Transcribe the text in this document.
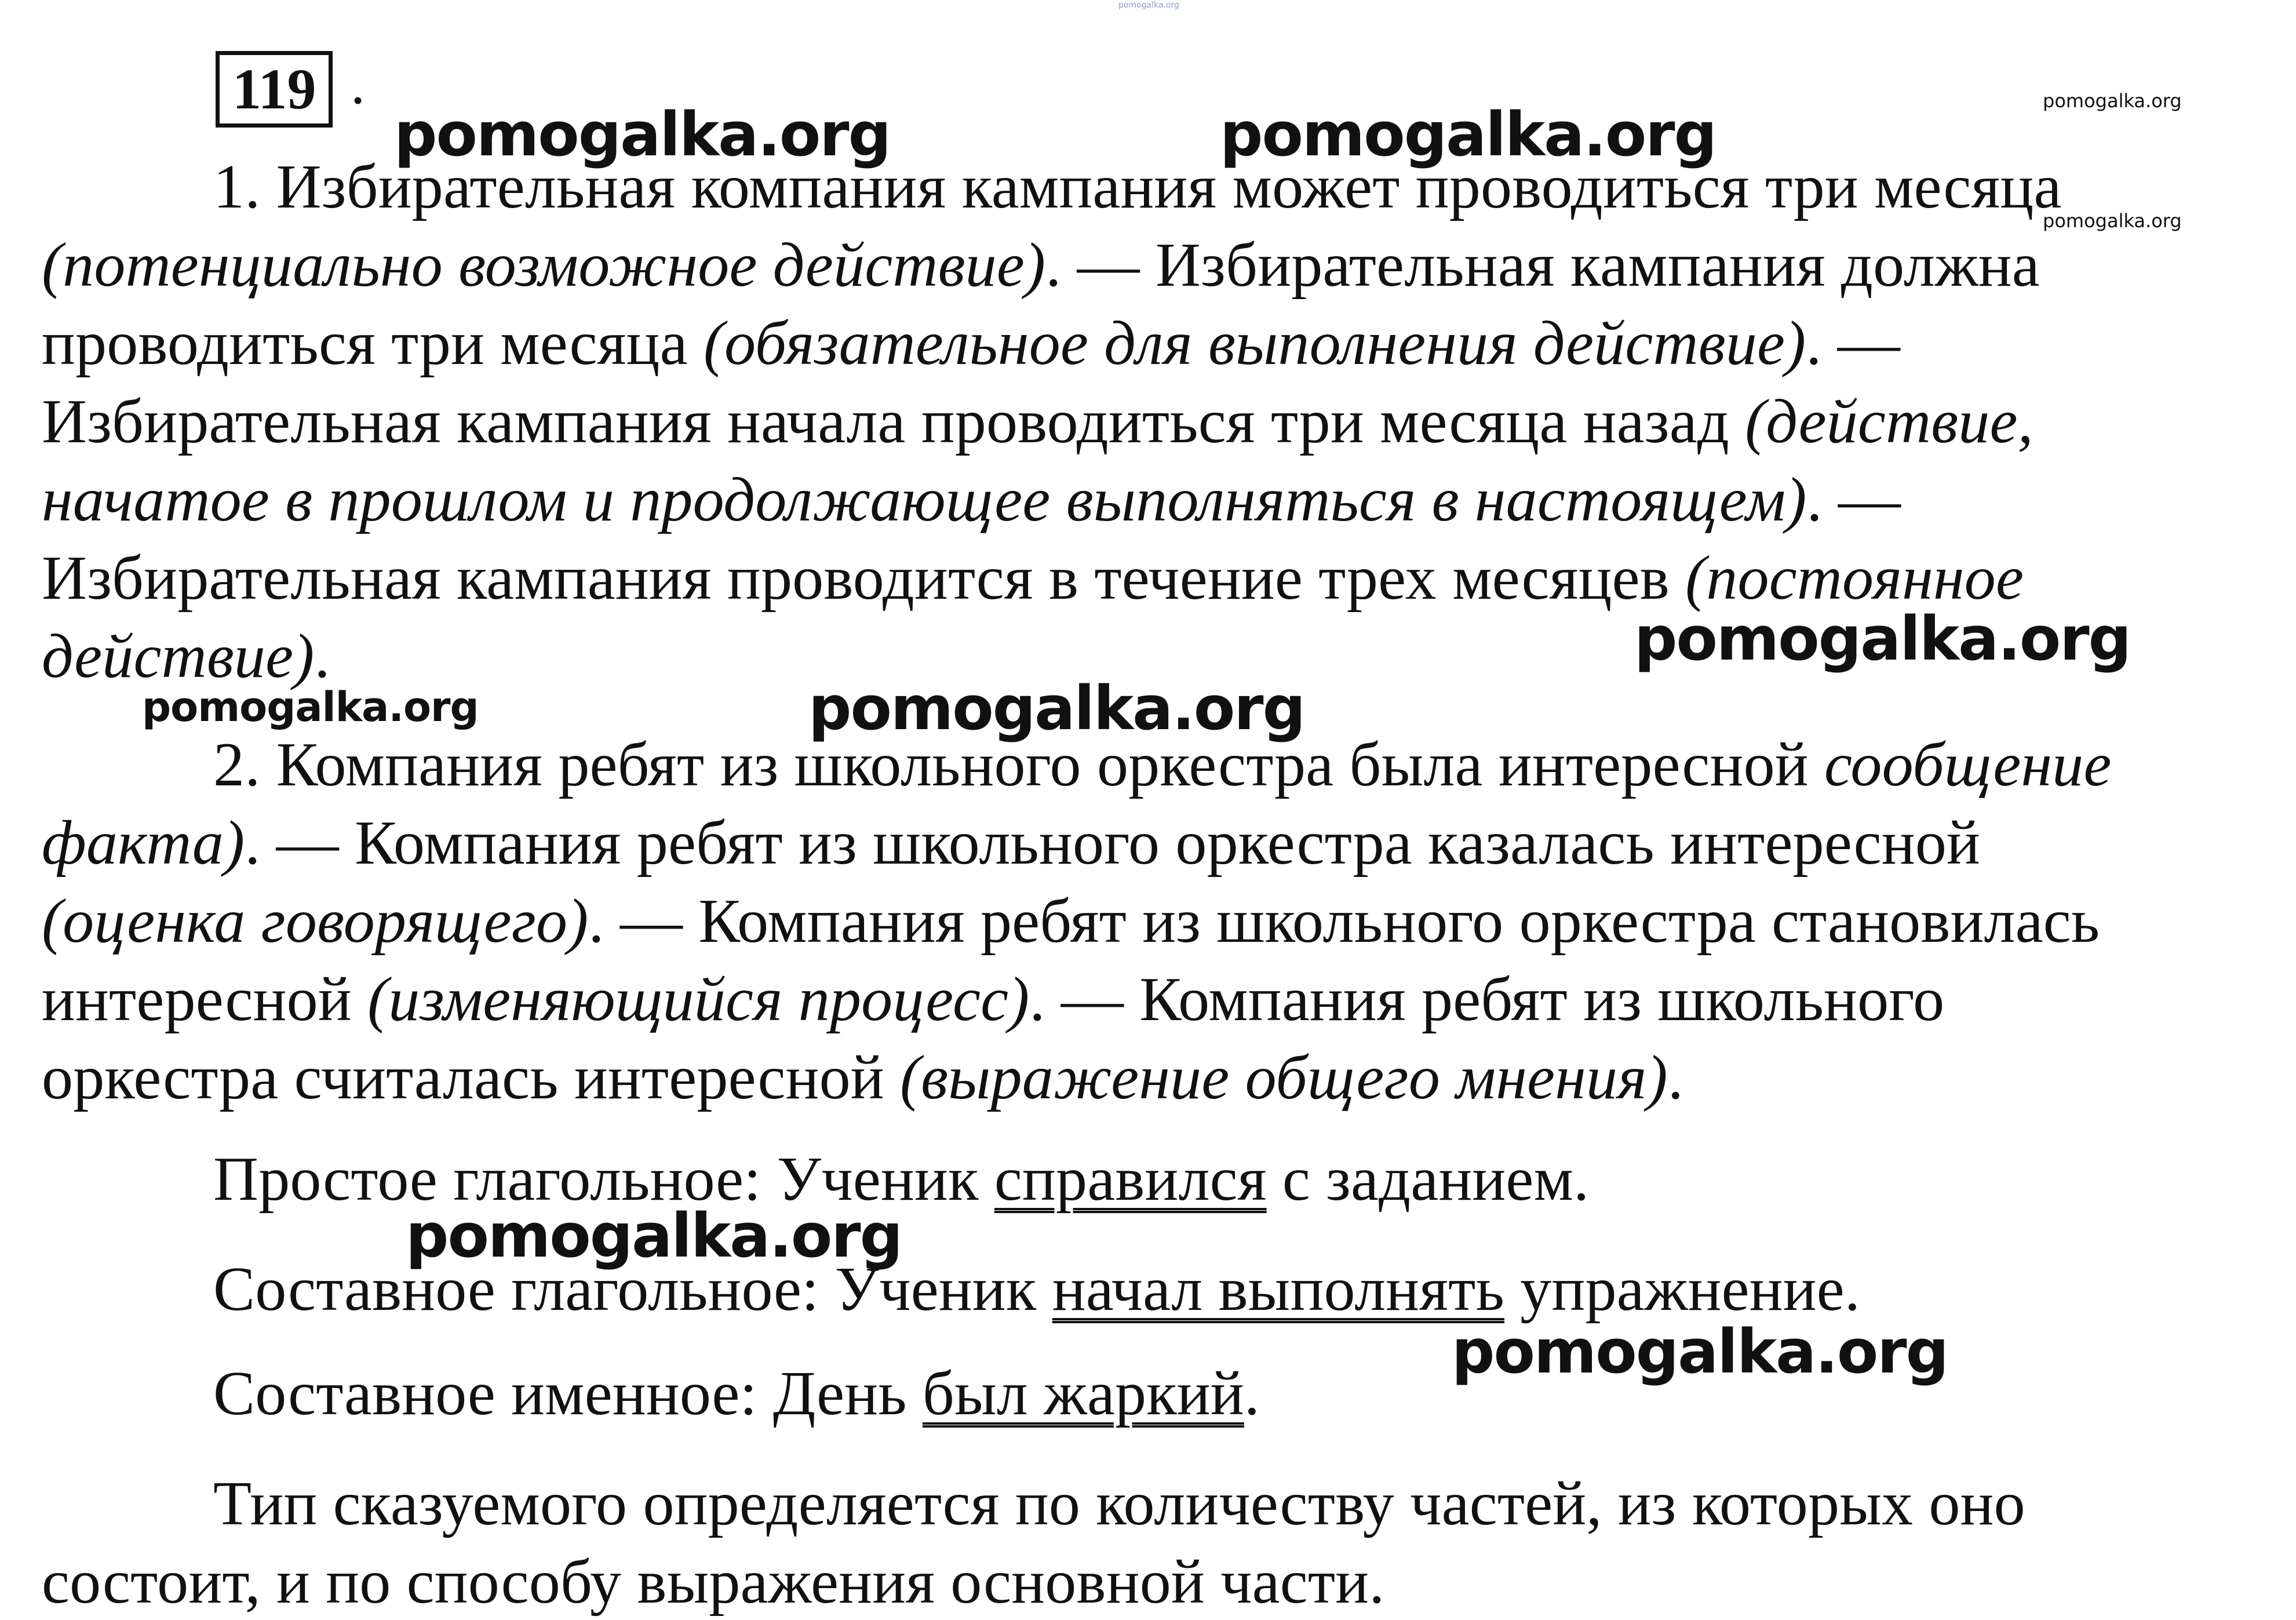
119 .
1. Избирательная компания кампания может проводиться три месяца
(потенциально возможное действие). — Избирательная кампания должна
проводиться три месяца (обязательное для выполнения действие). —
Избирательная кампания начала проводиться три месяца назад (действие,
начатое в прошлом и продолжающее выполняться в настоящем). —
Избирательная кампания проводится в течение трех месяцев (постоянное
действие).
2. Компания ребят из школьного оркестра была интересной сообщение
факта). — Компания ребят из школьного оркестра казалась интересной
(оценка говорящего). — Компания ребят из школьного оркестра становилась
интересной (изменяющийся процесс). — Компания ребят из школьного
оркестра считалась интересной (выражение общего мнения).
Простое глагольное: Ученик справился с заданием.
Составное глагольное: Ученик начал выполнять упражнение.
Составное именное: День был жаркий.
Тип сказуемого определяется по количеству частей, из которых оно
состоит, и по способу выражения основной части.
pomogalka.org
pomogalka.org	pomogalka.org	pomogalka.org
pomogalka.org
pomogalka.org
pomogalka.org	pomogalka.org
pomogalka.org
pomogalka.org
